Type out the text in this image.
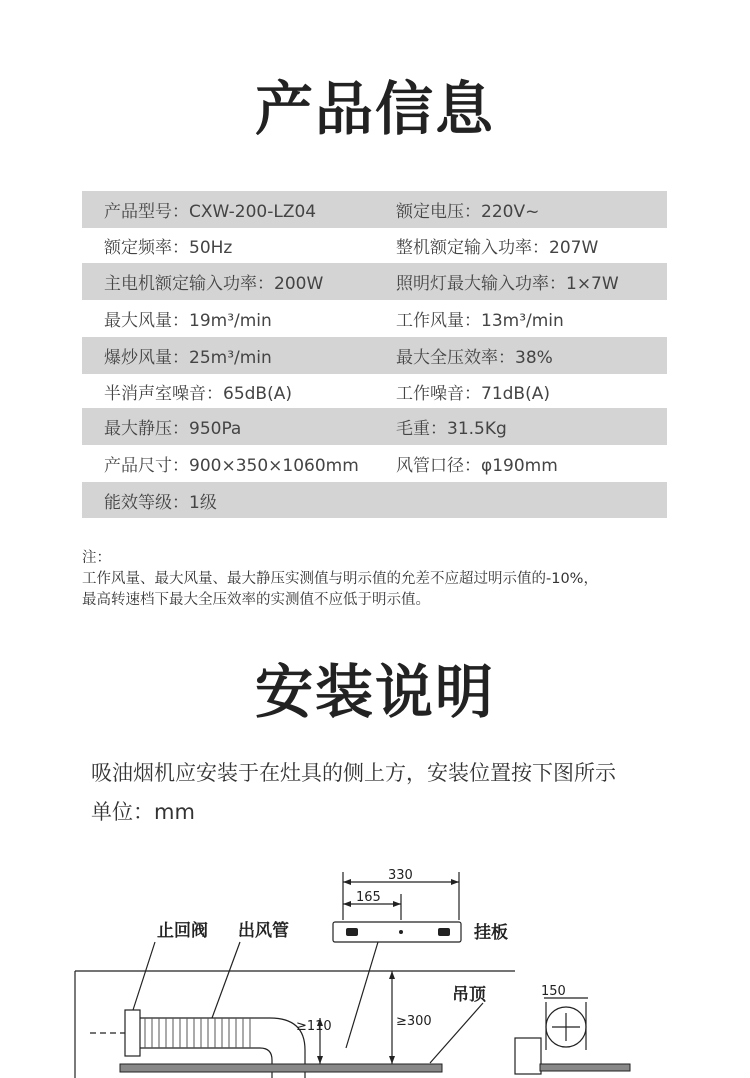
产品信息
产品型号：CXW-200-LZ04	额定电压：220V~
额定频率：50Hz	整机额定输入功率：207W
主电机额定输入功率：200W	照明灯最大输入功率：1×7W
最大风量：19m³/min	工作风量：13m³/min
爆炒风量：25m³/min	最大全压效率：38%
半消声室噪音：65dB(A)	工作噪音：71dB(A)
最大静压：950Pa	毛重：31.5Kg
产品尺寸：900×350×1060mm	风管口径：φ190mm
能效等级：1级
注：
工作风量、最大风量、最大静压实测值与明示值的允差不应超过明示值的-10%，
最高转速档下最大全压效率的实测值不应低于明示值。
安装说明
吸油烟机应安装于在灶具的侧上方，安装位置按下图所示
单位：mm
330
165
≥110	≥300
150
止回阀 出风管	挂板
吊顶
